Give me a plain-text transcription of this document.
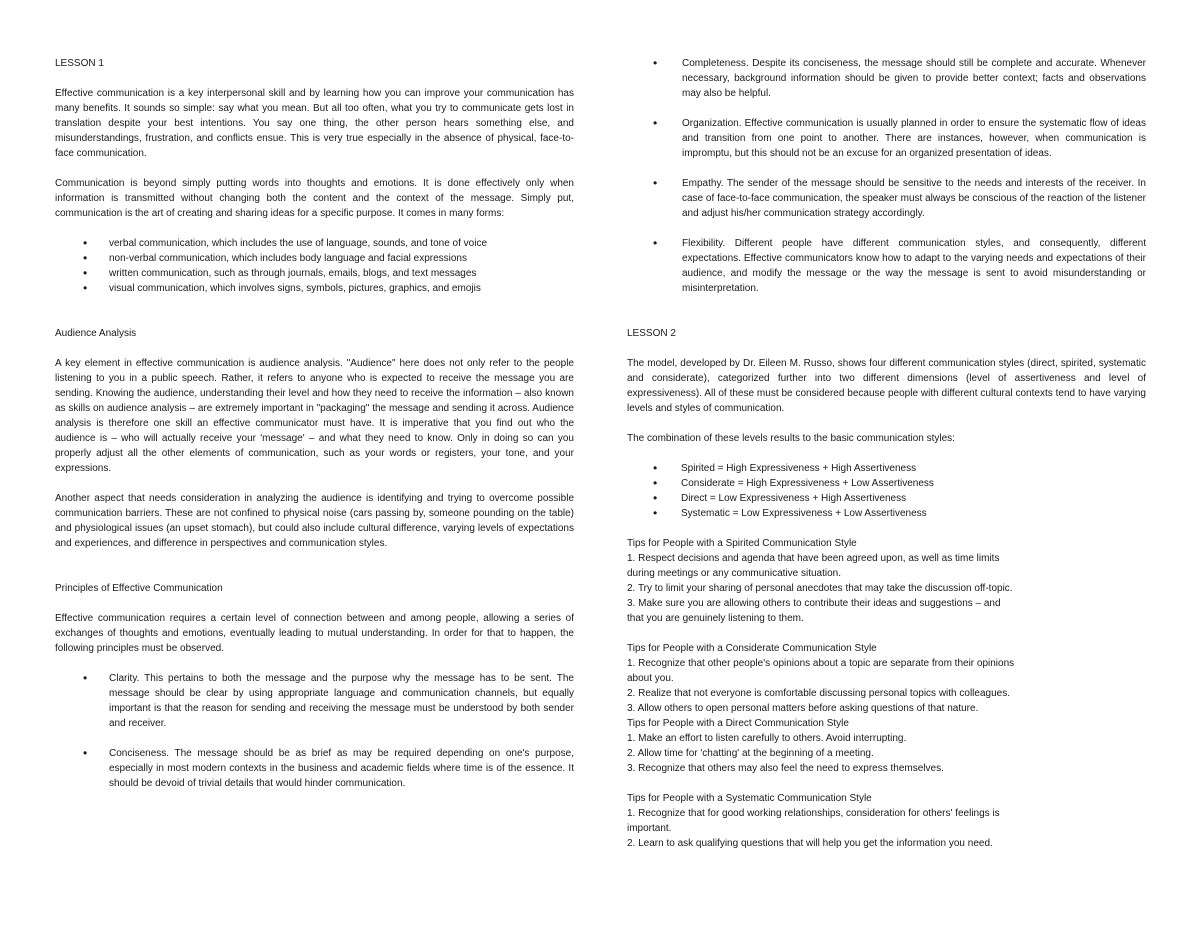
LESSON 1

Effective communication is a key interpersonal skill and by learning how you can improve your communication has many benefits. It sounds so simple: say what you mean. But all too often, what you try to communicate gets lost in translation despite your best intentions. You say one thing, the other person hears something else, and misunderstandings, frustration, and conflicts ensue. This is very true especially in the absence of physical, face-to-face communication.

Communication is beyond simply putting words into thoughts and emotions. It is done effectively only when information is transmitted without changing both the content and the context of the message. Simply put, communication is the art of creating and sharing ideas for a specific purpose. It comes in many forms:

• verbal communication, which includes the use of language, sounds, and tone of voice
• non-verbal communication, which includes body language and facial expressions
• written communication, such as through journals, emails, blogs, and text messages
• visual communication, which involves signs, symbols, pictures, graphics, and emojis

Audience Analysis

A key element in effective communication is audience analysis. "Audience" here does not only refer to the people listening to you in a public speech. Rather, it refers to anyone who is expected to receive the message you are sending. Knowing the audience, understanding their level and how they need to receive the information – also known as skills on audience analysis – are extremely important in "packaging" the message and sending it across. Audience analysis is therefore one skill an effective communicator must have. It is imperative that you find out who the audience is – who will actually receive your 'message' – and what they need to know. Only in doing so can you properly adjust all the other elements of communication, such as your words or registers, your tone, and your expressions.

Another aspect that needs consideration in analyzing the audience is identifying and trying to overcome possible communication barriers. These are not confined to physical noise (cars passing by, someone pounding on the table) and physiological issues (an upset stomach), but could also include cultural difference, varying levels of expectations and experiences, and difference in perspectives and communication styles.

Principles of Effective Communication

Effective communication requires a certain level of connection between and among people, allowing a series of exchanges of thoughts and emotions, eventually leading to mutual understanding. In order for that to happen, the following principles must be observed.

• Clarity. This pertains to both the message and the purpose why the message has to be sent. The message should be clear by using appropriate language and communication channels, but equally important is that the reason for sending and receiving the message must be understood by both sender and receiver.
• Conciseness. The message should be as brief as may be required depending on one's purpose, especially in most modern contexts in the business and academic fields where time is of the essence. It should be devoid of trivial details that would hinder communication.
• Completeness. Despite its conciseness, the message should still be complete and accurate. Whenever necessary, background information should be given to provide better context; facts and observations may also be helpful.
• Organization. Effective communication is usually planned in order to ensure the systematic flow of ideas and transition from one point to another. There are instances, however, when communication is impromptu, but this should not be an excuse for an organized presentation of ideas.
• Empathy. The sender of the message should be sensitive to the needs and interests of the receiver. In case of face-to-face communication, the speaker must always be conscious of the reaction of the listener and adjust his/her communication strategy accordingly.
• Flexibility. Different people have different communication styles, and consequently, different expectations. Effective communicators know how to adapt to the varying needs and expectations of their audience, and modify the message or the way the message is sent to avoid misunderstanding or misinterpretation.

LESSON 2

The model, developed by Dr. Eileen M. Russo, shows four different communication styles (direct, spirited, systematic and considerate), categorized further into two different dimensions (level of assertiveness and level of expressiveness). All of these must be considered because people with different cultural contexts tend to have varying levels and styles of communication.

The combination of these levels results to the basic communication styles:

• Spirited = High Expressiveness + High Assertiveness
• Considerate = High Expressiveness + Low Assertiveness
• Direct = Low Expressiveness + High Assertiveness
• Systematic = Low Expressiveness + Low Assertiveness

Tips for People with a Spirited Communication Style

1. Respect decisions and agenda that have been agreed upon, as well as time limits

during meetings or any communicative situation.

2. Try to limit your sharing of personal anecdotes that may take the discussion off-topic.

3. Make sure you are allowing others to contribute their ideas and suggestions – and

that you are genuinely listening to them.

Tips for People with a Considerate Communication Style

1. Recognize that other people's opinions about a topic are separate from their opinions

about you.

2. Realize that not everyone is comfortable discussing personal topics with colleagues.

3. Allow others to open personal matters before asking questions of that nature.

Tips for People with a Direct Communication Style

1. Make an effort to listen carefully to others. Avoid interrupting.

2. Allow time for 'chatting' at the beginning of a meeting.

3. Recognize that others may also feel the need to express themselves.

Tips for People with a Systematic Communication Style

1. Recognize that for good working relationships, consideration for others' feelings is

important.

2. Learn to ask qualifying questions that will help you get the information you need.
